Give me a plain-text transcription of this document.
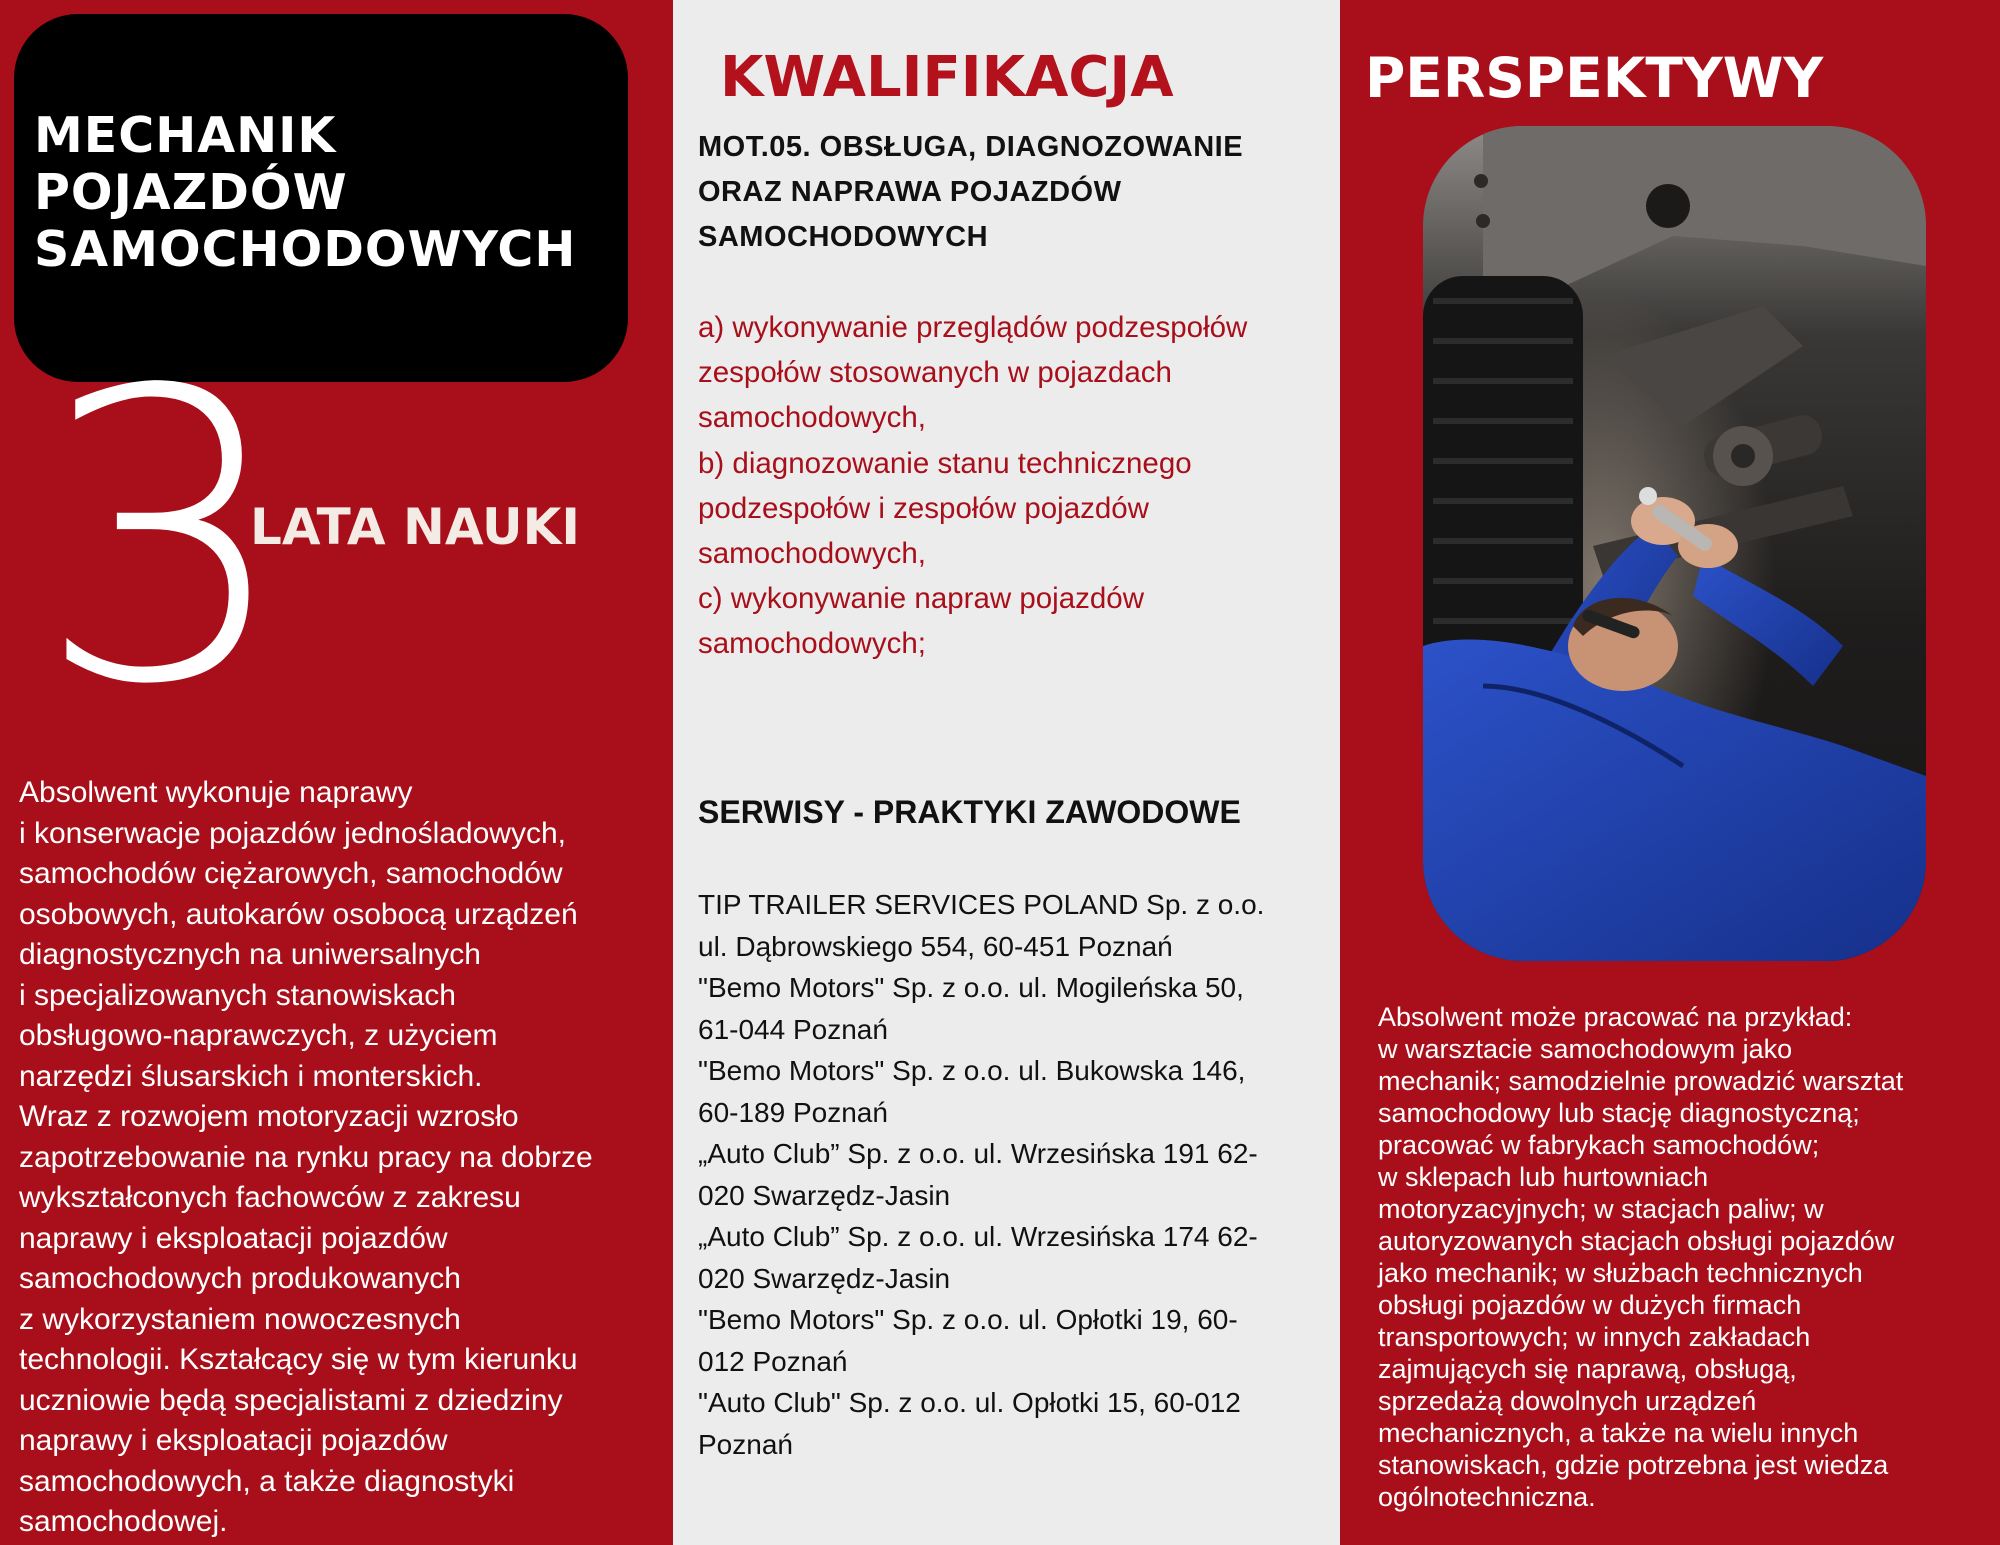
MECHANIK
POJAZDÓW
SAMOCHODOWYCH
3
LATA NAUKI

Absolwent wykonuje naprawy

i konserwacje pojazdów jednośladowych,

samochodów ciężarowych, samochodów

osobowych, autokarów osobocą urządzeń

diagnostycznych na uniwersalnych

i specjalizowanych stanowiskach

obsługowo-naprawczych, z użyciem

narzędzi ślusarskich i monterskich.

Wraz z rozwojem motoryzacji wzrosło

zapotrzebowanie na rynku pracy na dobrze

wykształconych fachowców z zakresu

naprawy i eksploatacji pojazdów

samochodowych produkowanych

z wykorzystaniem nowoczesnych

technologii. Kształcący się w tym kierunku

uczniowie będą specjalistami z dziedziny

naprawy i eksploatacji pojazdów

samochodowych, a także diagnostyki

samochodowej.

KWALIFIKACJA

MOT.05. OBSŁUGA, DIAGNOZOWANIE

ORAZ NAPRAWA POJAZDÓW

SAMOCHODOWYCH

a) wykonywanie przeglądów podzespołów

zespołów stosowanych w pojazdach

samochodowych,

b) diagnozowanie stanu technicznego

podzespołów i zespołów pojazdów

samochodowych,

c) wykonywanie napraw pojazdów

samochodowych;

SERWISY - PRAKTYKI ZAWODOWE

TIP TRAILER SERVICES POLAND Sp. z o.o.

ul. Dąbrowskiego 554, 60-451 Poznań

"Bemo Motors" Sp. z o.o. ul. Mogileńska 50,

61-044 Poznań

"Bemo Motors" Sp. z o.o. ul. Bukowska 146,

60-189 Poznań

„Auto Club” Sp. z o.o. ul. Wrzesińska 191 62-

020 Swarzędz-Jasin

„Auto Club” Sp. z o.o. ul. Wrzesińska 174 62-

020 Swarzędz-Jasin

"Bemo Motors" Sp. z o.o. ul. Opłotki 19, 60-

012 Poznań

"Auto Club" Sp. z o.o. ul. Opłotki 15, 60-012

Poznań

PERSPEKTYWY

Absolwent może pracować na przykład:

w warsztacie samochodowym jako

mechanik; samodzielnie prowadzić warsztat

samochodowy lub stację diagnostyczną;

pracować w fabrykach samochodów;

w sklepach lub hurtowniach

motoryzacyjnych; w stacjach paliw; w

autoryzowanych stacjach obsługi pojazdów

jako mechanik; w służbach technicznych

obsługi pojazdów w dużych firmach

transportowych; w innych zakładach

zajmujących się naprawą, obsługą,

sprzedażą dowolnych urządzeń

mechanicznych, a także na wielu innych

stanowiskach, gdzie potrzebna jest wiedza

ogólnotechniczna.
